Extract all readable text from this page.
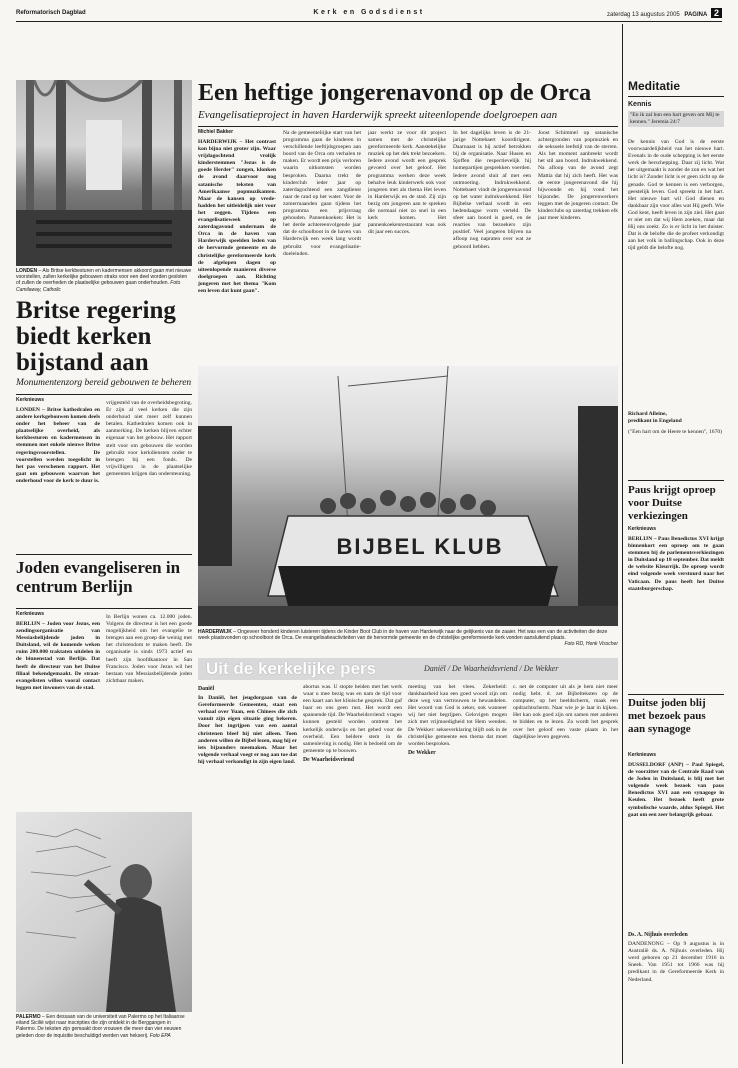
Reformatorisch Dagblad	Kerk en Godsdienst	zaterdag 13 augustus 2005 PAGINA 2
LONDEN – Als Britse kerkbesturen en kadermensen akkoord gaan met nieuwe voorstellen, zullen kerkelijke gebouwen straks voor een deel worden gesloten of zullen de overheden de plaatselijke gebouwen gaan onderhouden. Foto Camilaway, Catholic
Britse regering biedt kerken bijstand aan
Monumentenzorg bereid gebouwen te beheren
Kerknieuws

LONDEN – Britse kathedralen en andere kerkgebouwen komen deels onder het beheer van de plaatselijke overheid, als kerkbesturen en kadermensen in stemmen met enkele nieuwe Britse regeringsvoorstellen. De voorstellen werden toegelicht in het pas verschenen rapport. Het gaat om gebouwen waarvan het onderhoud voor de kerk te duur is.

vrijgesteld van de overheidsbegroting. Er zijn al veel kerken die zijn onderhoud niet meer zelf kunnen betalen. Kathedralen komen ook in aanmerking. De kerken blijven echter eigenaar van het gebouw. Het rapport stelt voor om gebouwen die worden gebruikt voor kerkdiensten onder te brengen bij een fonds. De vrijwilligers in de plaatselijke gemeenten krijgen dan ondersteuning.

Joden evangeliseren in centrum Berlijn
Kerknieuws

BERLIJN – Joden voor Jezus, een zendingsorganisatie van Messiasbelijdende joden in Duitsland, wil de komende weken ruim 200.000 traktaten uitdelen in de binnenstad van Berlijn. Dat heeft de directeur van het Duitse filiaal bekendgemaakt. De straat-evangelisten willen vooral contact leggen met inwoners van de stad.

In Berlijn wonen ca. 12.000 joden. Volgens de directeur is het een goede mogelijkheid om het evangelie te brengen aan een groep die weinig met het christendom te maken heeft. De organisatie is sinds 1973 actief en heeft zijn hoofdkantoor in San Francisco. Joden voor Jezus wil het bestaan van Messiasbelijdende joden zichtbaar maken.

PALERMO – Een dessaan van de universiteit van Palermo op het Italiaanse eiland Sicilië wijst naar inscripties die zijn ontdekt in de Berggangen in Palermo. De teksten zijn gemaakt door vrouwen die meer dan vier eeuwen geleden door de inquisitie beschuldigd werden van hekserij. Foto EPA
Een heftige jongerenavond op de Orca
Evangelisatieproject in haven Harderwijk spreekt uiteenlopende doelgroepen aan
Michiel Bakker

HARDERWIJK – Het contrast kon bijna niet groter zijn. Waar vrijdagochtend vrolijk kinderstemmen "Jezus is de goede Herder" zongen, klonken de avond daarvoor nog satanische teksten van Amerikaanse popmuzikanten. Maar de kansen op vrede- hadden het uitleidelijk niet voor het zeggen. Tijdens een evangelisatieweek op zaterdagavond ondernam de Orca in de haven van Harderwijk speelden leden van de hervormde gemeente en de christelijke gereformeerde kerk de afgelopen dagen op uiteenlopende manieren diverse doelgroepen aan. Richting jongeren met het thema "Kom een leven dat kunt gaan".

Na de gemeenteliijke start van het programma gaan de kinderen in verschillende leeftijdsgroepen aan boord van de Orca om verhalen te maken. Er wordt een prijs verloren waarin uitkomsten worden besproken. Daarna trekt de kinderclub ieder jaar op zaterdagochtend een zangdienst naar de rand op het water. Voor de zomermaanden gaan tijdens het programma een prijsvraag gehouden. Pannenkoeken: Het is het derde achtereenvolgende jaar dat de schoolboot in de haven van Harderwijk een week lang wordt gebruikt voor evangelisatie-doeleinden.

jaar werkt ze voor dit project samen met de christelijke gereformeerde kerk. Aanstekelijke muziek op het dek trekt bezoekers. Iedere avond wordt een gesprek gevoerd over het geloof. Het programma werken deze week behalve leuk kinderwerk ook voor jongeren met als thema Het leven in Harderwijk en de stad. Zij zijn bezig om jongeren aan te spreken die normaal niet zo snel in een kerk komen. Het pannenkoekenrestaurant was ook dit jaar een succes.

In het dagelijks leven is de 21-jarige Nottebaert koordirigent. Daarnaast is hij actief betrokken bij de organisatie. Naar Husen en Sjoffen die respectievelijk hij homepartijen gesprekken voerden. Iedere avond sluit af met een ontmoeting. Indrukwekkend. Nottebaert vindt de jongerenavond op het water indrukwekkend. Het Bijbelse verhaal wordt in een hedendaagse vorm verteld. De sfeer aan boord is goed, en de reacties van bezoekers zijn positief. Veel jongeren blijven na afloop nog napraten over wat ze gehoord hebben.

Joost Schimmel op satanische achtergronden van popmuziek en de seksuele leefstijl van de sterren. Als het moment aanbreekt wordt het stil aan boord. Indrukwekkend. Na afloop van de avond zegt Mattia dat hij zich heeft. Het was de eerste jongerenavond die hij bijwoonde en hij vond het bijzonder. De jongerenwerkers leggen met de jongeren contact. De kinderclubs op zaterdag trekken elk jaar meer kinderen.

BIJBEL KLUB
HARDERWIJK – Ongeveer honderd kinderen luisteren tijdens de Kinder Boot Club in de haven van Harderwijk naar de gelijkenis van de zaaier. Het was een van de activiteiten die deze week plaatsvonden op schoolboot de Orca. De evangelisatieactiviteiten van de hervormde gemeente en de christelijke gereformeerde kerk vonden aansluitend plaats.
Foto RD, Henk Visscher
Uit de kerkelijke pers	Daniël / De Waarheidsvriend / De Wekker

Daniël

In Daniël, het jeugdorgaan van de Gereformeerde Gemeenten, staat een verhaal over Yuan, een Chinees die zich vanuit zijn eigen situatie ging bekeren. Door het ingrijpen van een aantal christenen bleef hij niet alleen. Toen anderen willen de Bijbel lezen, mag hij er iets bijzonders meemaken. Maar het volgende verhaal voegt er nog aan toe dat hij verhaal verkondigt in zijn eigen land.

abortus was. U stopte beiden met het werk waar u mee bezig was en nam de tijd voor een kaart aan het klinische gesprek. Dat gaf haar en ons geen rust. Het wordt een spannende tijd. De Waarheidsvriend: vragen kunnen gesteld worden omtrent het kerkelijk onderwijs en het gebed voor de overheid. Een heldere stem in de samenleving is nodig. Het is bedoeld om de gemeente op te bouwen.

De Waarheidsvriend

meeting van het vlees. Zekerheid: dankbaarheid kan een goed woord zijn om deze weg van vertrouwen te bewandelen. Het woord van God is zeker, ook wanneer wij het niet begrijpen. Gelovigen mogen zich met vrijmoedigheid tot Hem wenden. De Wekker: sekseverklaring blijft ook in de christelijke gemeente een thema dat moet worden besproken.

De Wekker

c. net de computer uit als je hem niet meer nodig hebt. d. zet Bijbelteksten op de computer, op het beeldscherm, maak een opdrachtscherm. Naar wie je je laat in kijken. Het kan ook goed zijn om samen met anderen te bidden en te lezen. Zo wordt het gesprek over het geloof een vaste plaats in het dagelijkse leven gegeven.

Meditatie
Kennis
"En ik zal hun een hart geven om Mij te kennen." Jeremia 24:7
De kennis van God is de eerste voorwaardelijkheid van het nieuwe hart. Evenals in de oude schepping is het eerste werk de herschepping. Daar zij licht. Wat het uitgemaakt is zonder de zon en wat het licht is? Zonder licht is er geen zicht op de genade. God te kennen is een verborgen, geestelijk leven. God spreekt in het hart. Het nieuwe hart wil God dienen en dankbaar zijn voor alles wat Hij geeft. Wie God kent, heeft leven in zijn ziel. Het gaat er niet om dat wij Hem zoeken, maar dat Hij ons zoekt. Zo is er licht in het duister. Dat is de belofte die de profeet verkondigt aan het volk in ballingschap. Ook in deze tijd geldt die belofte nog.
Richard Alleine,
predikant in Engeland
("Een hart om de Heere te kennen", 1670)
Paus krijgt oproep voor Duitse verkiezingen
Kerknieuws

BERLIJN – Paus Benedictus XVI krijgt binnenkort een oproep om te gaan stemmen bij de parlementsverkiezingen in Duitsland op 18 september. Dat meldt de website Kleurrijk. De oproep wordt eind volgende week verstuurd naar het Vaticaan. De paus heeft het Duitse staatsburgerschap.

Duitse joden blij met bezoek paus aan synagoge
Kerknieuws

DÜSSELDORF (ANP) – Paul Spiegel, de voorzitter van de Centrale Raad van de Joden in Duitsland, is blij met het volgende week bezoek van paus Benedictus XVI aan een synagoge in Keulen. Het bezoek heeft grote symbolische waarde, aldus Spiegel. Het gaat om een zeer belangrijk gebaar.

Ds. A. Nijhuis overleden

DANDENONG – Op 9 augustus is in Australië ds. A. Nijhuis overleden. Hij werd geboren op 21 december 1916 in Sneek. Van 1951 tot 1966 was hij predikant in de Gereformeerde Kerk in Nederland.
